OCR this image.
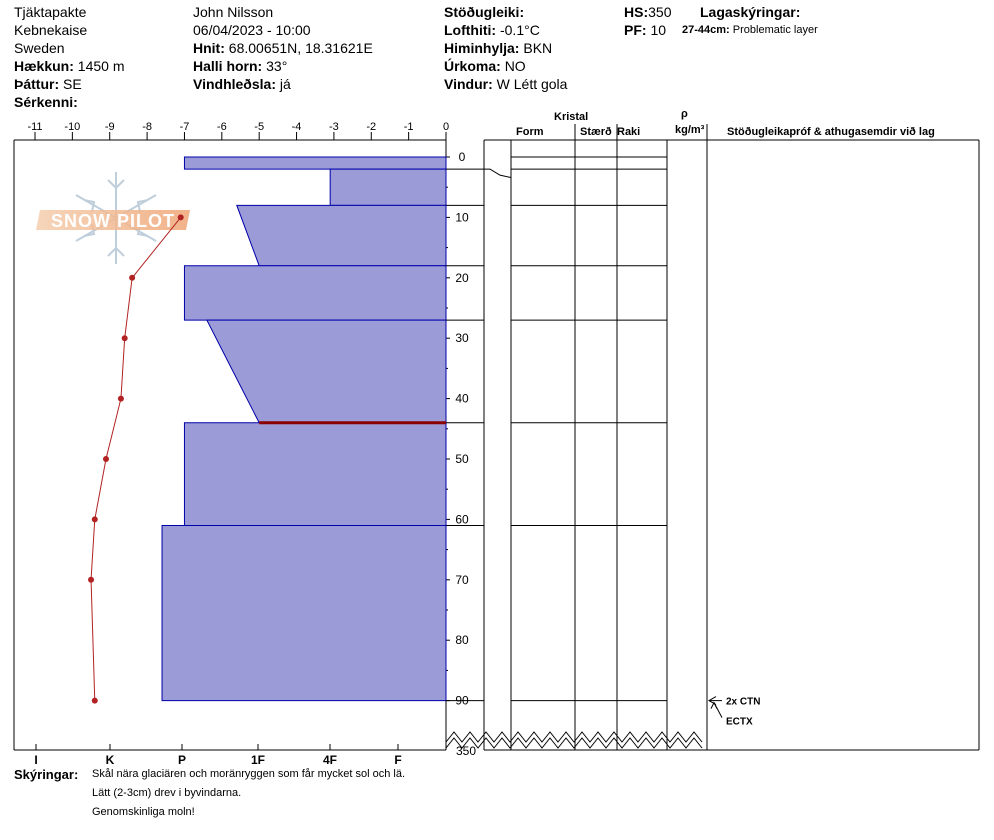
Tjäktapakte
Kebnekaise
Sweden
Hækkun: 1450 m
Þáttur: SE
Sérkenni:
John Nilsson
06/04/2023 - 10:00
Hnit: 68.00651N, 18.31621E
Halli horn: 33°
Vindhleðsla: já
Stöðugleiki:
Lofthiti: -0.1°C
Himinhylja: BKN
Úrkoma: NO
Vindur: W Létt gola
HS:350
PF: 10
Lagaskýringar:
27-44cm: Problematic layer
Kristal
Form	Stærð Raki
ρ
kg/m³ Stöðugleikapróf & athugasemdir við lag
SNOW PILOT
-11 -10 -9	-8	-7	-6	-5	-4	-3	-2	-1	0
I	K	P	1F	4F	F
0
10
20
30
40
50
60
70
80
90
350
2x CTN
ECTX
Skýringar: Skål nära glaciären och moränryggen som får mycket sol och lä.
Lätt (2-3cm) drev i byvindarna.
Genomskinliga moln!
